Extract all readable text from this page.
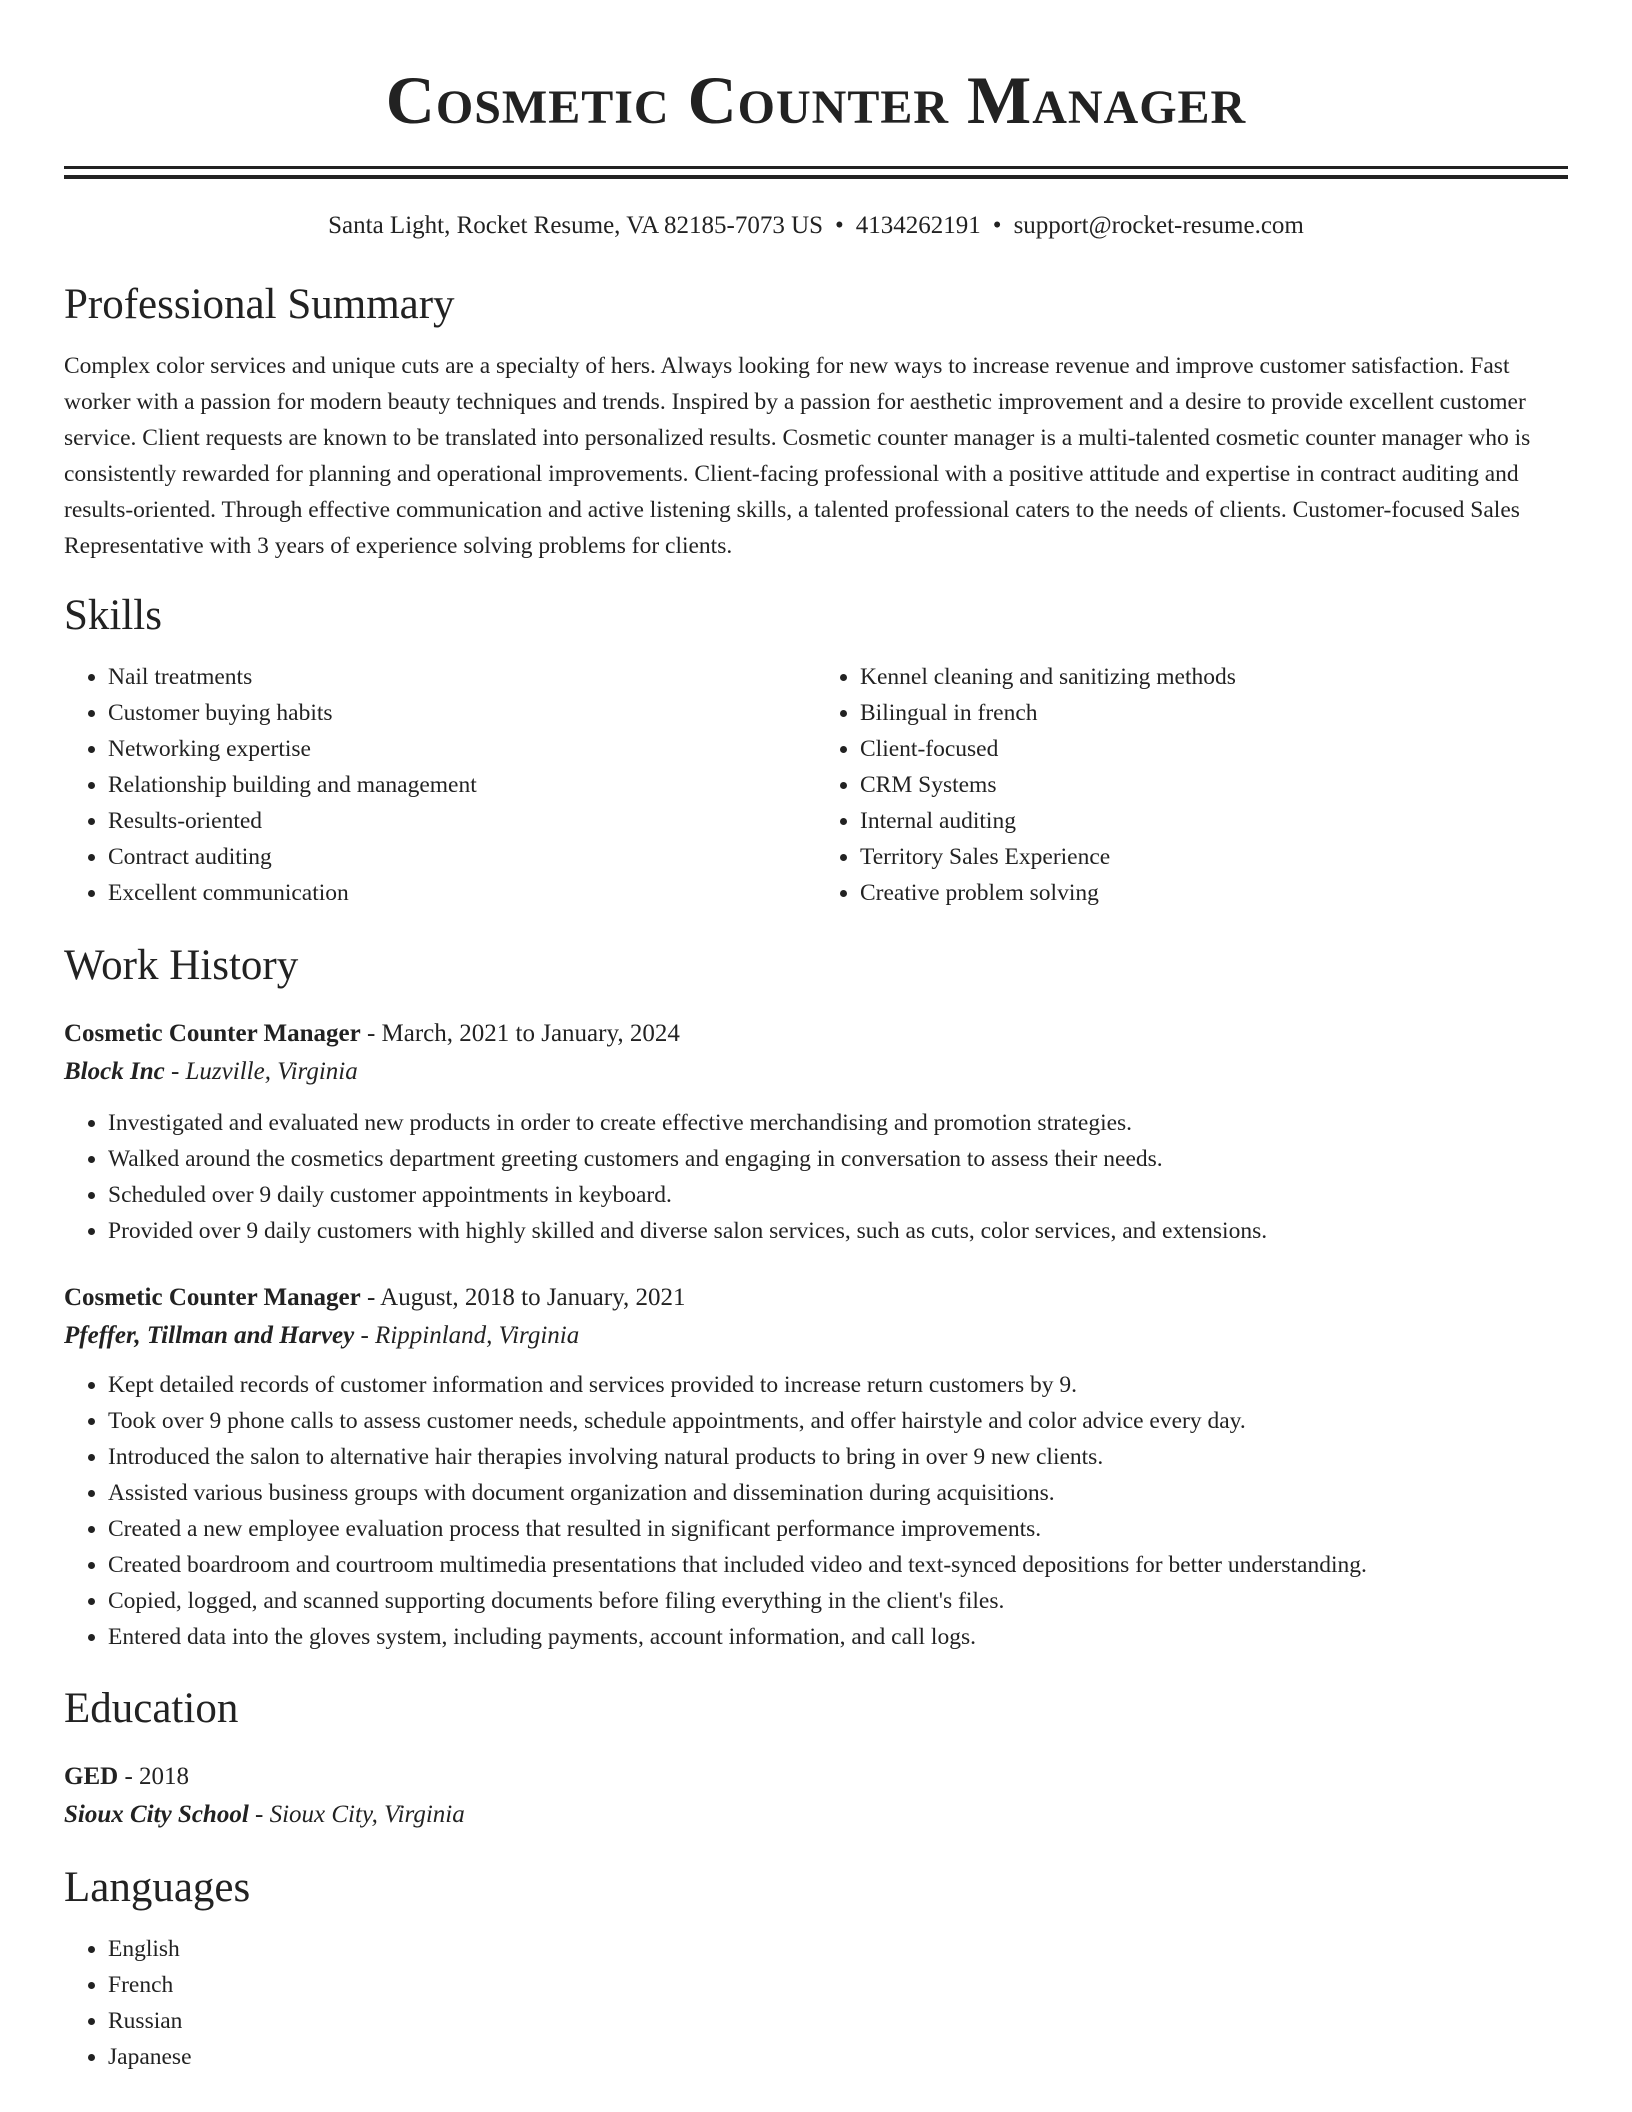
Cosmetic Counter Manager
Santa Light, Rocket Resume, VA 82185-7073 US • 4134262191 • support@rocket-resume.com
Professional Summary

Complex color services and unique cuts are a specialty of hers. Always looking for new ways to increase revenue and improve customer satisfaction. Fast worker with a passion for modern beauty techniques and trends. Inspired by a passion for aesthetic improvement and a desire to provide excellent customer service. Client requests are known to be translated into personalized results. Cosmetic counter manager is a multi-talented cosmetic counter manager who is consistently rewarded for planning and operational improvements. Client-facing professional with a positive attitude and expertise in contract auditing and results-oriented. Through effective communication and active listening skills, a talented professional caters to the needs of clients. Customer-focused Sales Representative with 3 years of experience solving problems for clients.

Skills
• Nail treatments
• Customer buying habits
• Networking expertise
• Relationship building and management
• Results-oriented
• Contract auditing
• Excellent communication
• Kennel cleaning and sanitizing methods
• Bilingual in french
• Client-focused
• CRM Systems
• Internal auditing
• Territory Sales Experience
• Creative problem solving
Work History
Cosmetic Counter Manager - March, 2021 to January, 2024
Block Inc - Luzville, Virginia
• Investigated and evaluated new products in order to create effective merchandising and promotion strategies.
• Walked around the cosmetics department greeting customers and engaging in conversation to assess their needs.
• Scheduled over 9 daily customer appointments in keyboard.
• Provided over 9 daily customers with highly skilled and diverse salon services, such as cuts, color services, and extensions.
Cosmetic Counter Manager - August, 2018 to January, 2021
Pfeffer, Tillman and Harvey - Rippinland, Virginia
• Kept detailed records of customer information and services provided to increase return customers by 9.
• Took over 9 phone calls to assess customer needs, schedule appointments, and offer hairstyle and color advice every day.
• Introduced the salon to alternative hair therapies involving natural products to bring in over 9 new clients.
• Assisted various business groups with document organization and dissemination during acquisitions.
• Created a new employee evaluation process that resulted in significant performance improvements.
• Created boardroom and courtroom multimedia presentations that included video and text-synced depositions for better understanding.
• Copied, logged, and scanned supporting documents before filing everything in the client's files.
• Entered data into the gloves system, including payments, account information, and call logs.
Education
GED - 2018
Sioux City School - Sioux City, Virginia
Languages
• English
• French
• Russian
• Japanese
